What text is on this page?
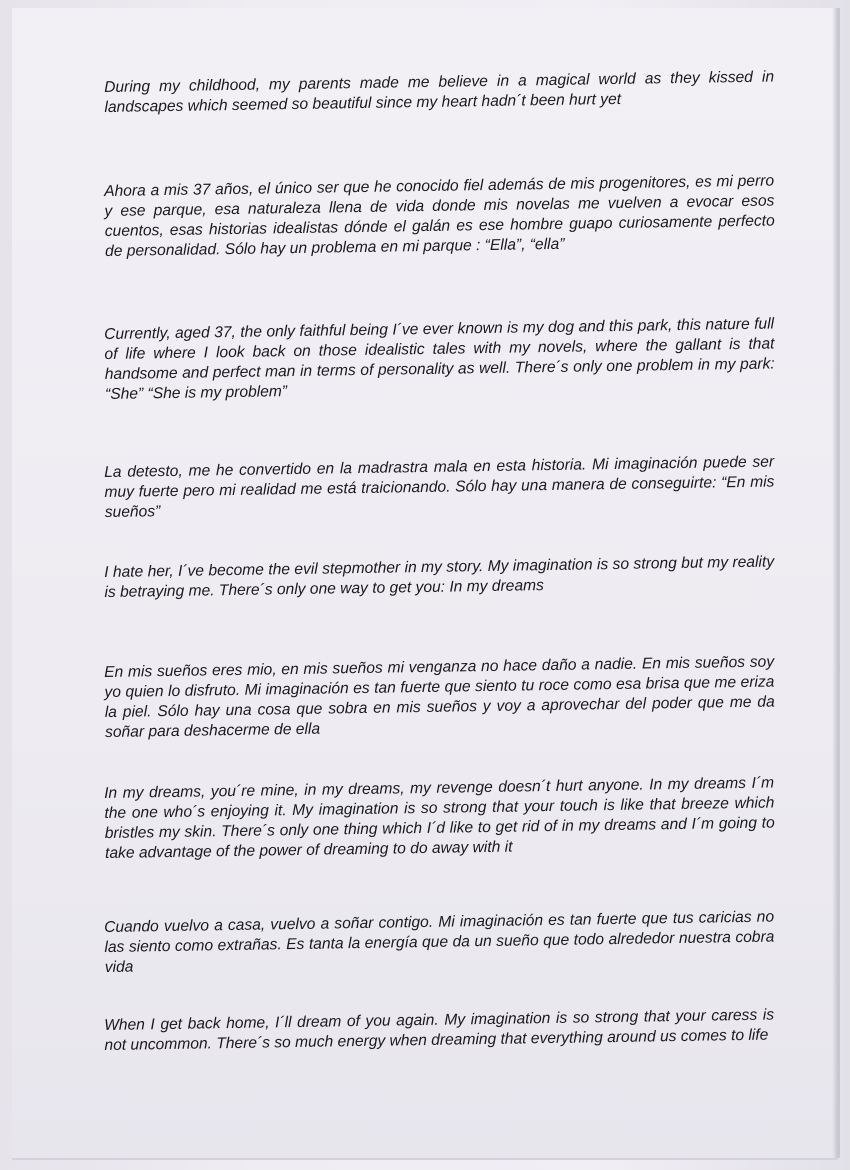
During my childhood, my parents made me believe in a magical world as they kissed in landscapes which seemed so beautiful since my heart hadn´t been hurt yet

Ahora a mis 37 años, el único ser que he conocido fiel además de mis progenitores, es mi perro y ese parque, esa naturaleza llena de vida donde mis novelas me vuelven a evocar esos cuentos, esas historias idealistas dónde el galán es ese hombre guapo curiosamente perfecto de personalidad. Sólo hay un problema en mi parque : “Ella”, “ella”

Currently, aged 37, the only faithful being I´ve ever known is my dog and this park, this nature full of life where I look back on those idealistic tales with my novels, where the gallant is that handsome and perfect man in terms of personality as well. There´s only one problem in my park: “She” “She is my problem”

La detesto, me he convertido en la madrastra mala en esta historia. Mi imaginación puede ser muy fuerte pero mi realidad me está traicionando. Sólo hay una manera de conseguirte: “En mis sueños”

I hate her, I´ve become the evil stepmother in my story. My imagination is so strong but my reality is betraying me. There´s only one way to get you: In my dreams

En mis sueños eres mio, en mis sueños mi venganza no hace daño a nadie. En mis sueños soy yo quien lo disfruto. Mi imaginación es tan fuerte que siento tu roce como esa brisa que me eriza la piel. Sólo hay una cosa que sobra en mis sueños y voy a aprovechar del poder que me da soñar para deshacerme de ella

In my dreams, you´re mine, in my dreams, my revenge doesn´t hurt anyone. In my dreams I´m the one who´s enjoying it. My imagination is so strong that your touch is like that breeze which bristles my skin. There´s only one thing which I´d like to get rid of in my dreams and I´m going to take advantage of the power of dreaming to do away with it

Cuando vuelvo a casa, vuelvo a soñar contigo. Mi imaginación es tan fuerte que tus caricias no las siento como extrañas. Es tanta la energía que da un sueño que todo alrededor nuestra cobra vida

When I get back home, I´ll dream of you again. My imagination is so strong that your caress is not uncommon. There´s so much energy when dreaming that everything around us comes to life
